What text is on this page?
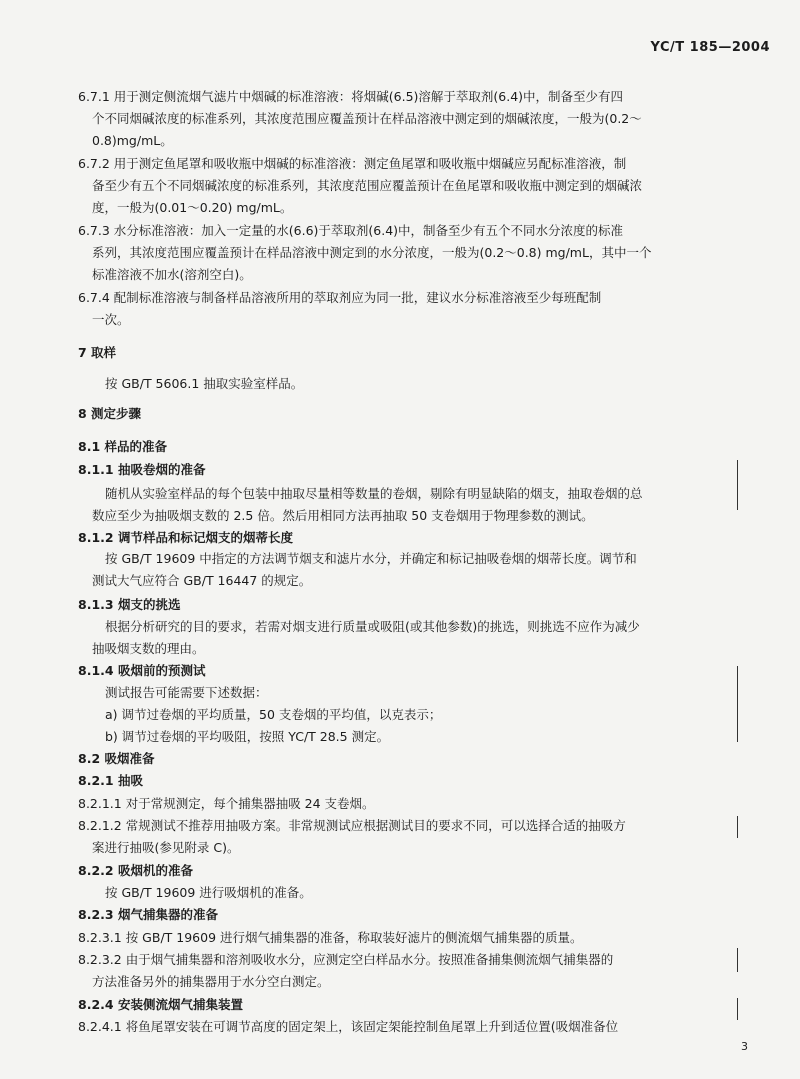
YC/T 185—2004
6.7.1 用于测定侧流烟气滤片中烟碱的标准溶液：将烟碱(6.5)溶解于萃取剂(6.4)中，制备至少有四
个不同烟碱浓度的标准系列，其浓度范围应覆盖预计在样品溶液中测定到的烟碱浓度，一般为(0.2～
0.8)mg/mL。
6.7.2 用于测定鱼尾罩和吸收瓶中烟碱的标准溶液：测定鱼尾罩和吸收瓶中烟碱应另配标准溶液，制
备至少有五个不同烟碱浓度的标准系列，其浓度范围应覆盖预计在鱼尾罩和吸收瓶中测定到的烟碱浓
度，一般为(0.01～0.20) mg/mL。
6.7.3 水分标准溶液：加入一定量的水(6.6)于萃取剂(6.4)中，制备至少有五个不同水分浓度的标准
系列，其浓度范围应覆盖预计在样品溶液中测定到的水分浓度，一般为(0.2～0.8) mg/mL，其中一个
标准溶液不加水(溶剂空白)。
6.7.4 配制标准溶液与制备样品溶液所用的萃取剂应为同一批，建议水分标准溶液至少每班配制
一次。
7 取样
按 GB/T 5606.1 抽取实验室样品。
8 测定步骤
8.1 样品的准备
8.1.1 抽吸卷烟的准备
随机从实验室样品的每个包装中抽取尽量相等数量的卷烟，剔除有明显缺陷的烟支，抽取卷烟的总
数应至少为抽吸烟支数的 2.5 倍。然后用相同方法再抽取 50 支卷烟用于物理参数的测试。
8.1.2 调节样品和标记烟支的烟蒂长度
按 GB/T 19609 中指定的方法调节烟支和滤片水分，并确定和标记抽吸卷烟的烟蒂长度。调节和
测试大气应符合 GB/T 16447 的规定。
8.1.3 烟支的挑选
根据分析研究的目的要求，若需对烟支进行质量或吸阻(或其他参数)的挑选，则挑选不应作为减少
抽吸烟支数的理由。
8.1.4 吸烟前的预测试
测试报告可能需要下述数据：
a) 调节过卷烟的平均质量，50 支卷烟的平均值，以克表示；
b) 调节过卷烟的平均吸阻，按照 YC/T 28.5 测定。
8.2 吸烟准备
8.2.1 抽吸
8.2.1.1 对于常规测定，每个捕集器抽吸 24 支卷烟。
8.2.1.2 常规测试不推荐用抽吸方案。非常规测试应根据测试目的要求不同，可以选择合适的抽吸方
案进行抽吸(参见附录 C)。
8.2.2 吸烟机的准备
按 GB/T 19609 进行吸烟机的准备。
8.2.3 烟气捕集器的准备
8.2.3.1 按 GB/T 19609 进行烟气捕集器的准备，称取装好滤片的侧流烟气捕集器的质量。
8.2.3.2 由于烟气捕集器和溶剂吸收水分，应测定空白样品水分。按照准备捕集侧流烟气捕集器的
方法准备另外的捕集器用于水分空白测定。
8.2.4 安装侧流烟气捕集装置
8.2.4.1 将鱼尾罩安装在可调节高度的固定架上，该固定架能控制鱼尾罩上升到适位置(吸烟准备位
3
